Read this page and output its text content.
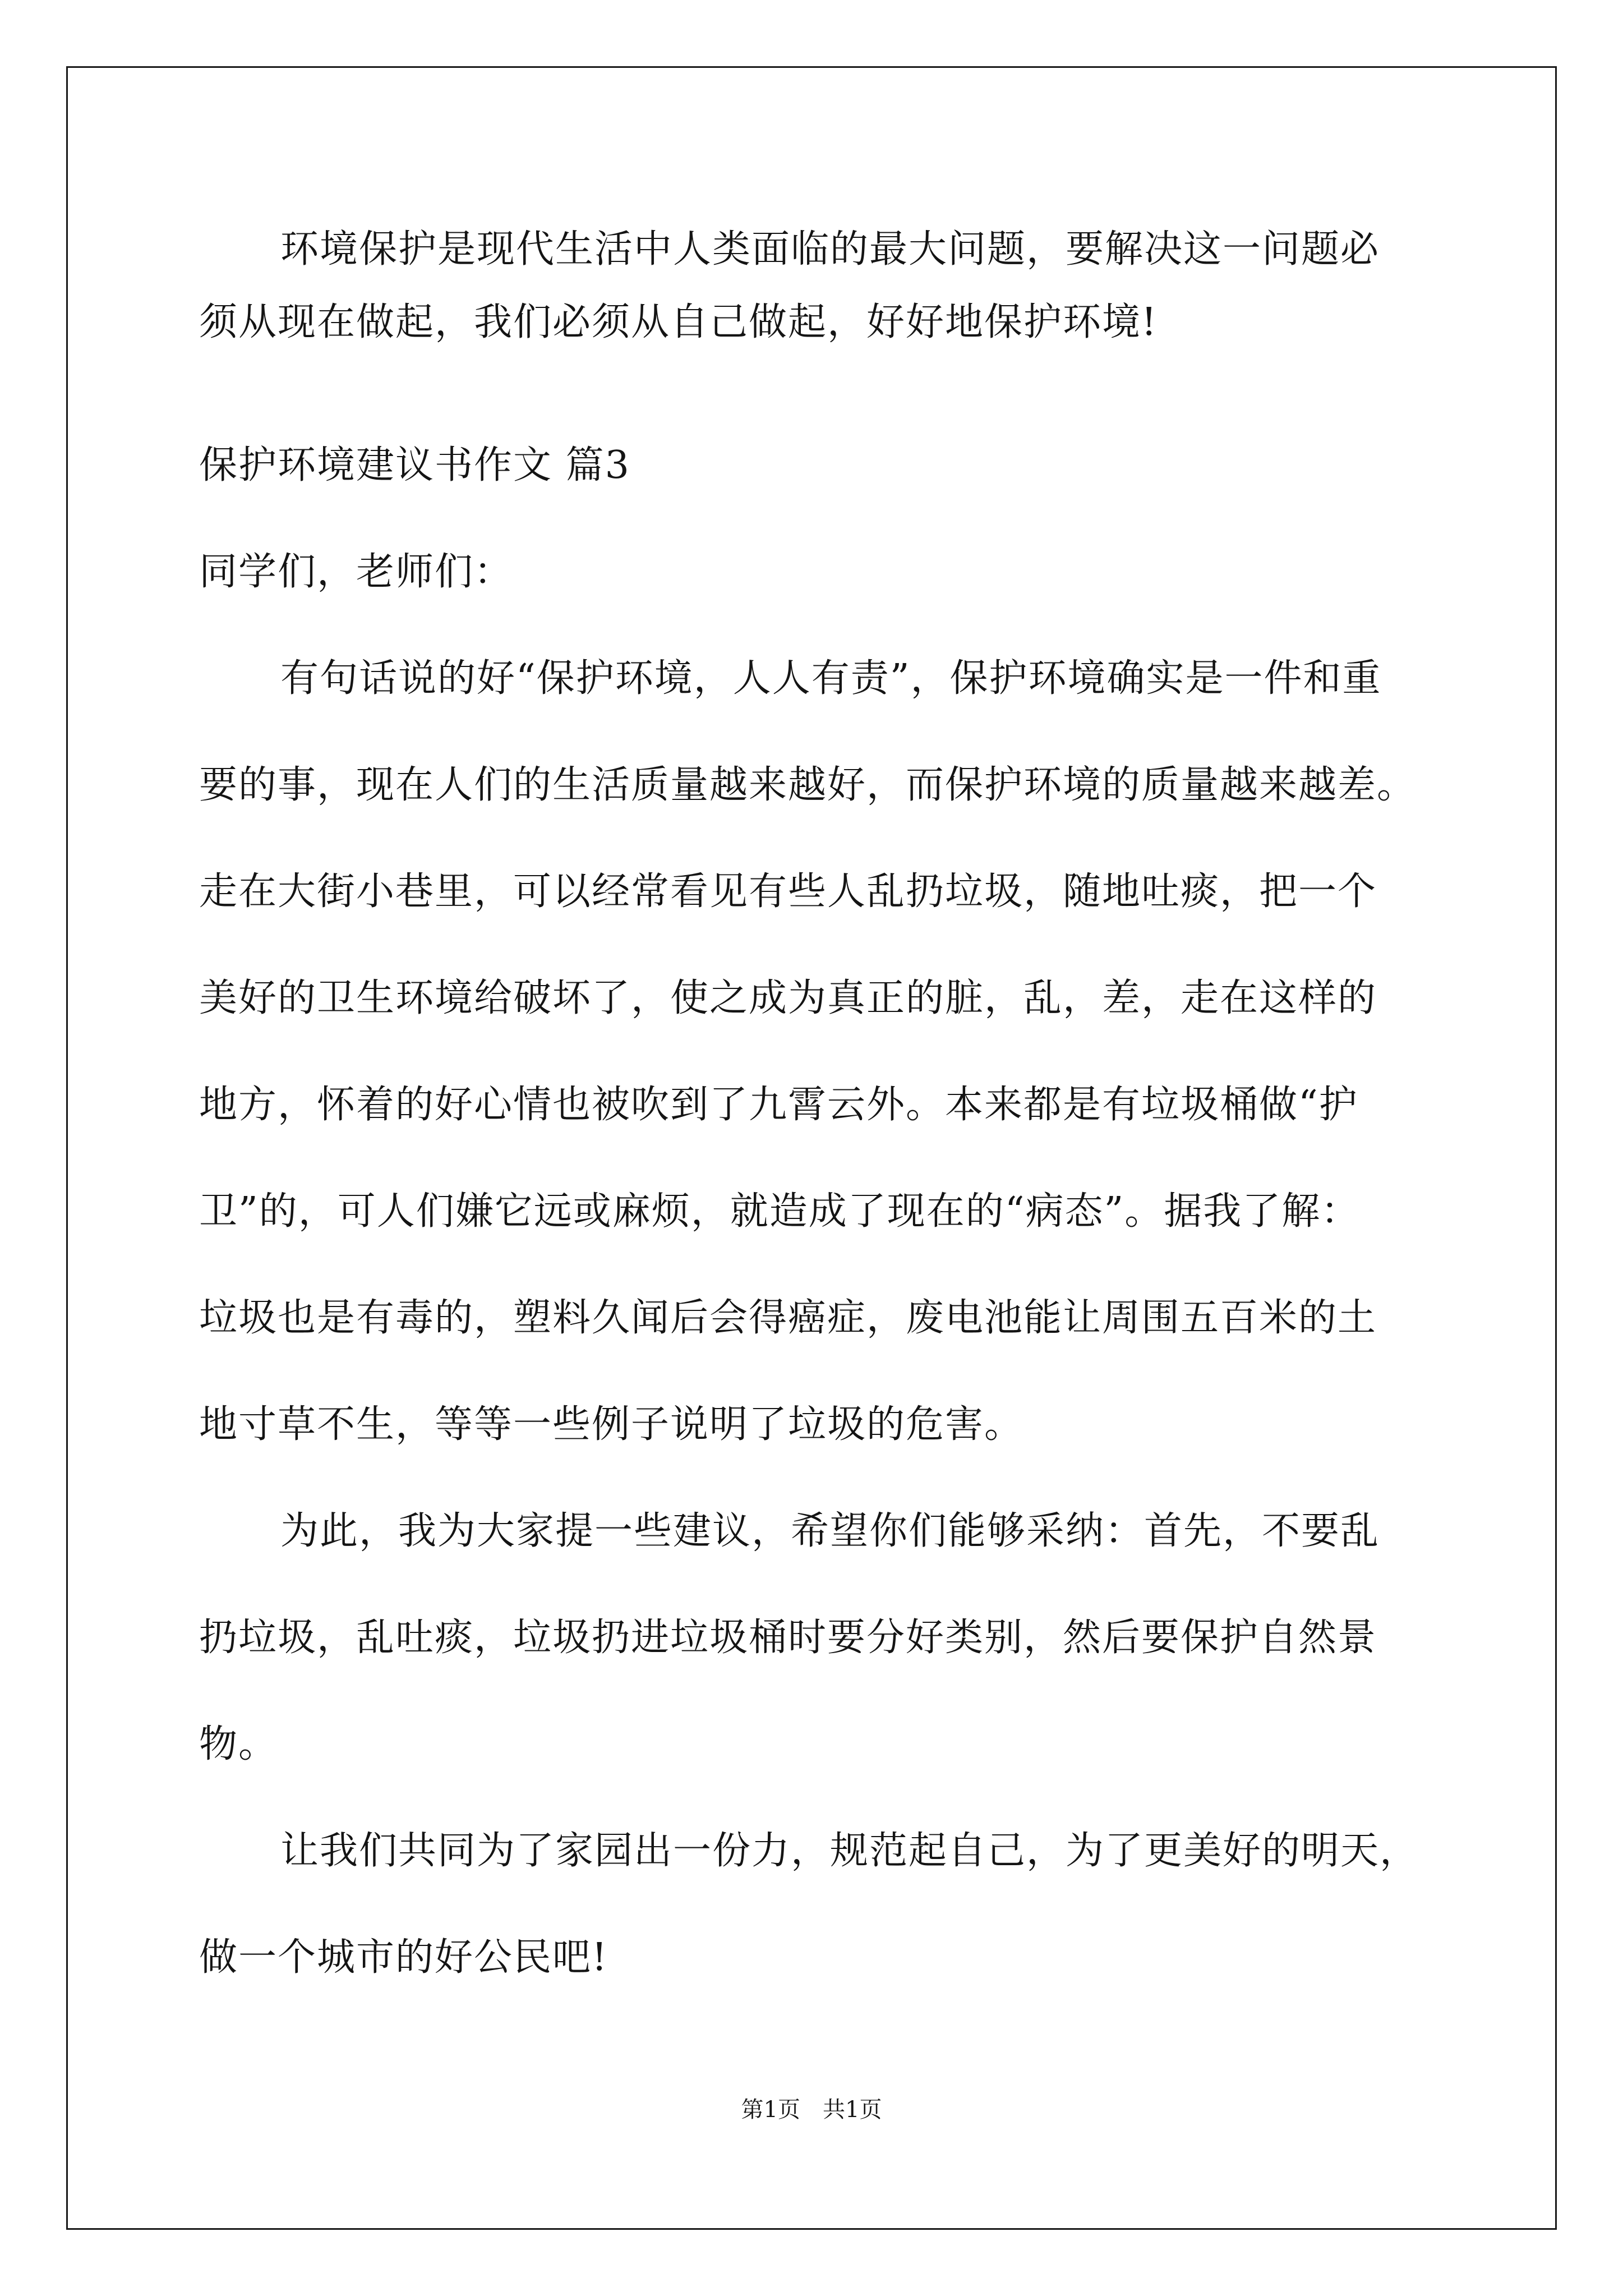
环境保护是现代生活中人类面临的最大问题，要解决这一问题必
须从现在做起，我们必须从自己做起，好好地保护环境!
保护环境建议书作文 篇3
同学们，老师们：
有句话说的好“保护环境，人人有责”，保护环境确实是一件和重
要的事，现在人们的生活质量越来越好，而保护环境的质量越来越差。
走在大街小巷里，可以经常看见有些人乱扔垃圾，随地吐痰，把一个
美好的卫生环境给破坏了，使之成为真正的脏，乱，差，走在这样的
地方，怀着的好心情也被吹到了九霄云外。本来都是有垃圾桶做“护
卫”的，可人们嫌它远或麻烦，就造成了现在的“病态”。据我了解：
垃圾也是有毒的，塑料久闻后会得癌症，废电池能让周围五百米的土
地寸草不生，等等一些例子说明了垃圾的危害。
为此，我为大家提一些建议，希望你们能够采纳：首先，不要乱
扔垃圾，乱吐痰，垃圾扔进垃圾桶时要分好类别，然后要保护自然景
物。
让我们共同为了家园出一份力，规范起自己，为了更美好的明天，
做一个城市的好公民吧!
第1页　共1页
